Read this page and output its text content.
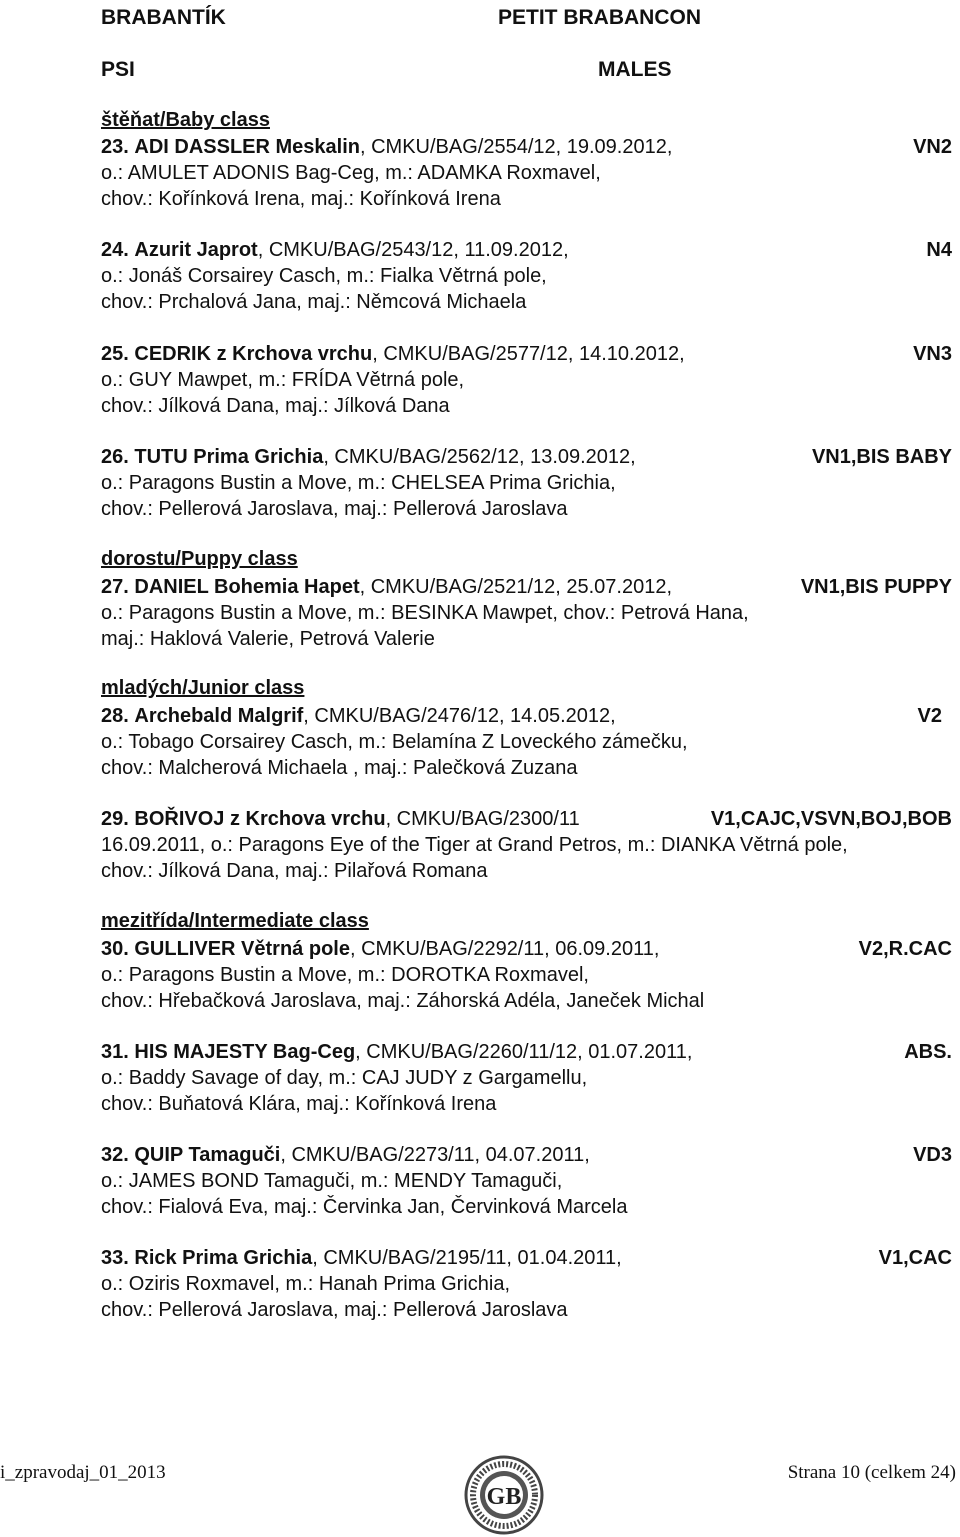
BRABANTÍK	PETIT BRABANCON
PSI	MALES
štěňat/Baby class
dorostu/Puppy class
mladých/Junior class
mezitřída/Intermediate class
23. ADI DASSLER Meskalin, CMKU/BAG/2554/12, 19.09.2012,	VN2
o.: AMULET ADONIS Bag-Ceg, m.: ADAMKA Roxmavel,
chov.: Kořínková Irena, maj.: Kořínková Irena
24. Azurit Japrot, CMKU/BAG/2543/12, 11.09.2012,	N4
o.: Jonáš Corsairey Casch, m.: Fialka Větrná pole,
chov.: Prchalová Jana, maj.: Němcová Michaela
25. CEDRIK z Krchova vrchu, CMKU/BAG/2577/12, 14.10.2012,	VN3
o.: GUY Mawpet, m.: FRÍDA Větrná pole,
chov.: Jílková Dana, maj.: Jílková Dana
26. TUTU Prima Grichia, CMKU/BAG/2562/12, 13.09.2012,	VN1,BIS BABY
o.: Paragons Bustin a Move, m.: CHELSEA Prima Grichia,
chov.: Pellerová Jaroslava, maj.: Pellerová Jaroslava
27. DANIEL Bohemia Hapet, CMKU/BAG/2521/12, 25.07.2012,	VN1,BIS PUPPY
o.: Paragons Bustin a Move, m.: BESINKA Mawpet, chov.: Petrová Hana,
maj.: Haklová Valerie, Petrová Valerie
28. Archebald Malgrif, CMKU/BAG/2476/12, 14.05.2012,	V2
o.: Tobago Corsairey Casch, m.: Belamína Z Loveckého zámečku,
chov.: Malcherová Michaela , maj.: Palečková Zuzana
29. BOŘIVOJ z Krchova vrchu, CMKU/BAG/2300/11	V1,CAJC,VSVN,BOJ,BOB
16.09.2011, o.: Paragons Eye of the Tiger at Grand Petros, m.: DIANKA Větrná pole,
chov.: Jílková Dana, maj.: Pilařová Romana
30. GULLIVER Větrná pole, CMKU/BAG/2292/11, 06.09.2011,	V2,R.CAC
o.: Paragons Bustin a Move, m.: DOROTKA Roxmavel,
chov.: Hřebačková Jaroslava, maj.: Záhorská Adéla, Janeček Michal
31. HIS MAJESTY Bag-Ceg, CMKU/BAG/2260/11/12, 01.07.2011,	ABS.
o.: Baddy Savage of day, m.: CAJ JUDY z Gargamellu,
chov.: Buňatová Klára, maj.: Kořínková Irena
32. QUIP Tamaguči, CMKU/BAG/2273/11, 04.07.2011,	VD3
o.: JAMES BOND Tamaguči, m.: MENDY Tamaguči,
chov.: Fialová Eva, maj.: Červinka Jan, Červinková Marcela
33. Rick Prima Grichia, CMKU/BAG/2195/11, 01.04.2011,	V1,CAC
o.: Oziris Roxmavel, m.: Hanah Prima Grichia,
chov.: Pellerová Jaroslava, maj.: Pellerová Jaroslava
i_zpravodaj_01_2013	Strana 10 (celkem 24)
GB
